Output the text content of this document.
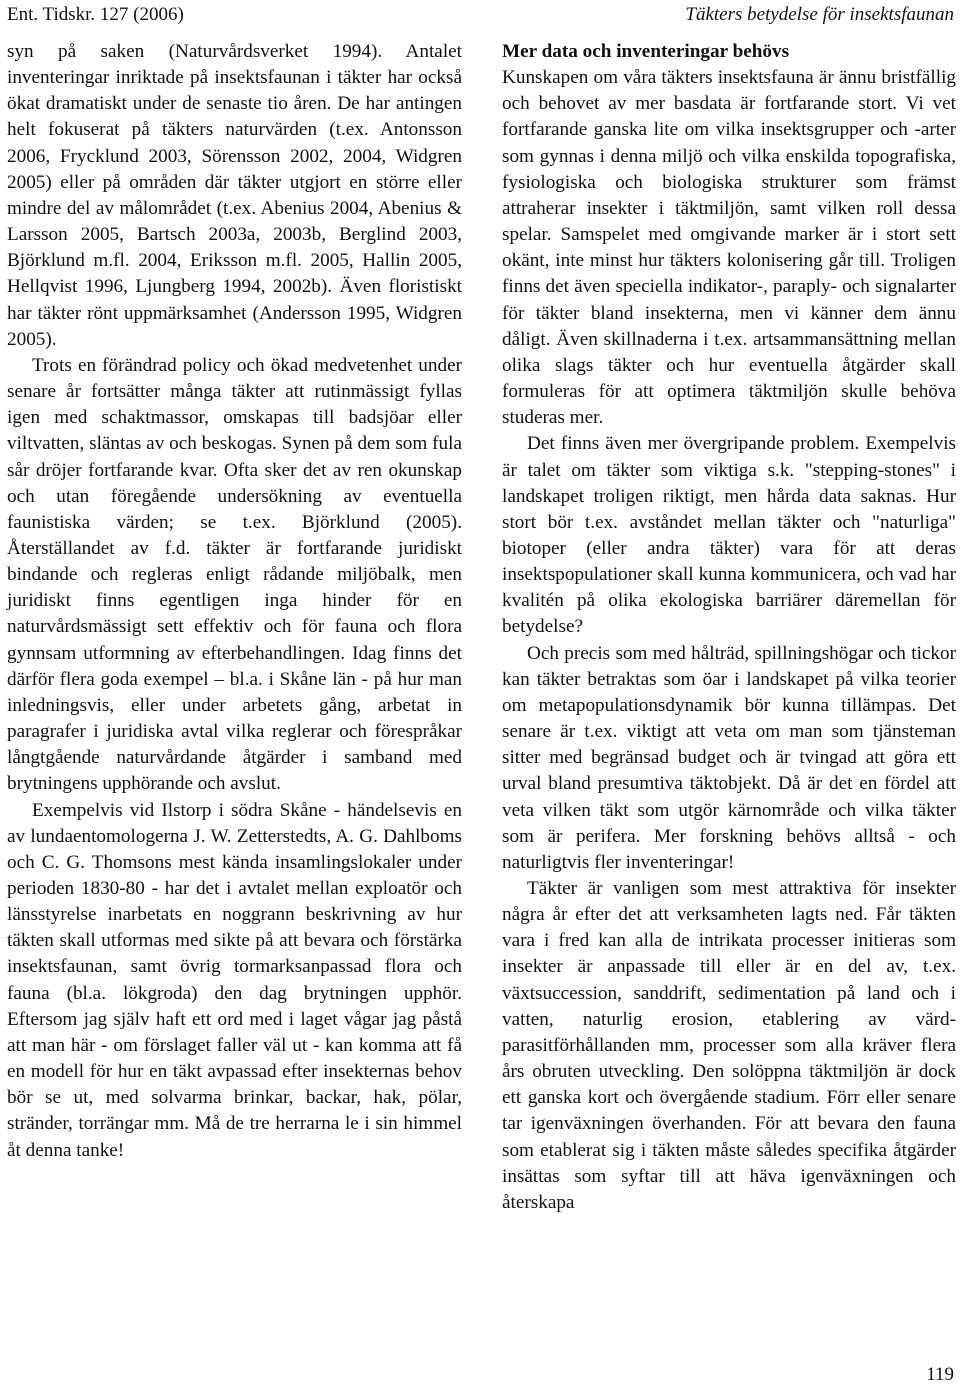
Ent. Tidskr. 127 (2006)	Täkters betydelse för insektsfaunan

syn på saken (Naturvårdsverket 1994). Antalet inventeringar inriktade på insektsfaunan i täkter har också ökat dramatiskt under de senaste tio åren. De har antingen helt fokuserat på täkters naturvärden (t.ex. Antonsson 2006, Frycklund 2003, Sörensson 2002, 2004, Widgren 2005) eller på områden där täkter utgjort en större eller mindre del av målområdet (t.ex. Abenius 2004, Abenius & Larsson 2005, Bartsch 2003a, 2003b, Berglind 2003, Björklund m.fl. 2004, Eriksson m.fl. 2005, Hallin 2005, Hellqvist 1996, Ljungberg 1994, 2002b). Även floristiskt har täkter rönt uppmärksamhet (Andersson 1995, Widgren 2005).

Trots en förändrad policy och ökad medvetenhet under senare år fortsätter många täkter att rutinmässigt fyllas igen med schaktmassor, omskapas till badsjöar eller viltvatten, släntas av och beskogas. Synen på dem som fula sår dröjer fortfarande kvar. Ofta sker det av ren okunskap och utan föregående undersökning av eventuella faunistiska värden; se t.ex. Björklund (2005). Återställandet av f.d. täkter är fortfarande juridiskt bindande och regleras enligt rådande miljöbalk, men juridiskt finns egentligen inga hinder för en naturvårdsmässigt sett effektiv och för fauna och flora gynnsam utformning av efterbehandlingen. Idag finns det därför flera goda exempel – bl.a. i Skåne län - på hur man inledningsvis, eller under arbetets gång, arbetat in paragrafer i juridiska avtal vilka reglerar och förespråkar långtgående naturvårdande åtgärder i samband med brytningens upphörande och avslut.

Exempelvis vid Ilstorp i södra Skåne - händelsevis en av lundaentomologerna J. W. Zetterstedts, A. G. Dahlboms och C. G. Thomsons mest kända insamlingslokaler under perioden 1830-80 - har det i avtalet mellan exploatör och länsstyrelse inarbetats en noggrann beskrivning av hur täkten skall utformas med sikte på att bevara och förstärka insektsfaunan, samt övrig tormarksanpassad flora och fauna (bl.a. lökgroda) den dag brytningen upphör. Eftersom jag själv haft ett ord med i laget vågar jag påstå att man här - om förslaget faller väl ut - kan komma att få en modell för hur en täkt avpassad efter insekternas behov bör se ut, med solvarma brinkar, backar, hak, pölar, stränder, torrängar mm. Må de tre herrarna le i sin himmel åt denna tanke!

Mer data och inventeringar behövs

Kunskapen om våra täkters insektsfauna är ännu bristfällig och behovet av mer basdata är fortfarande stort. Vi vet fortfarande ganska lite om vilka insektsgrupper och -arter som gynnas i denna miljö och vilka enskilda topografiska, fysiologiska och biologiska strukturer som främst attraherar insekter i täktmiljön, samt vilken roll dessa spelar. Samspelet med omgivande marker är i stort sett okänt, inte minst hur täkters kolonisering går till. Troligen finns det även speciella indikator-, paraply- och signalarter för täkter bland insekterna, men vi känner dem ännu dåligt. Även skillnaderna i t.ex. artsammansättning mellan olika slags täkter och hur eventuella åtgärder skall formuleras för att optimera täktmiljön skulle behöva studeras mer.

Det finns även mer övergripande problem. Exempelvis är talet om täkter som viktiga s.k. "stepping-stones" i landskapet troligen riktigt, men hårda data saknas. Hur stort bör t.ex. avståndet mellan täkter och "naturliga" biotoper (eller andra täkter) vara för att deras insektspopulationer skall kunna kommunicera, och vad har kvalitén på olika ekologiska barriärer däremellan för betydelse?

Och precis som med hålträd, spillningshögar och tickor kan täkter betraktas som öar i landskapet på vilka teorier om metapopulationsdynamik bör kunna tillämpas. Det senare är t.ex. viktigt att veta om man som tjänsteman sitter med begränsad budget och är tvingad att göra ett urval bland presumtiva täktobjekt. Då är det en fördel att veta vilken täkt som utgör kärnområde och vilka täkter som är perifera. Mer forskning behövs alltså - och naturligtvis fler inventeringar!

Täkter är vanligen som mest attraktiva för insekter några år efter det att verksamheten lagts ned. Får täkten vara i fred kan alla de intrikata processer initieras som insekter är anpassade till eller är en del av, t.ex. växtsuccession, sanddrift, sedimentation på land och i vatten, naturlig erosion, etablering av värd-parasitförhållanden mm, processer som alla kräver flera års obruten utveckling. Den solöppna täktmiljön är dock ett ganska kort och övergående stadium. Förr eller senare tar igenväxningen överhanden. För att bevara den fauna som etablerat sig i täkten måste således specifika åtgärder insättas som syftar till att häva igenväxningen och återskapa

119
